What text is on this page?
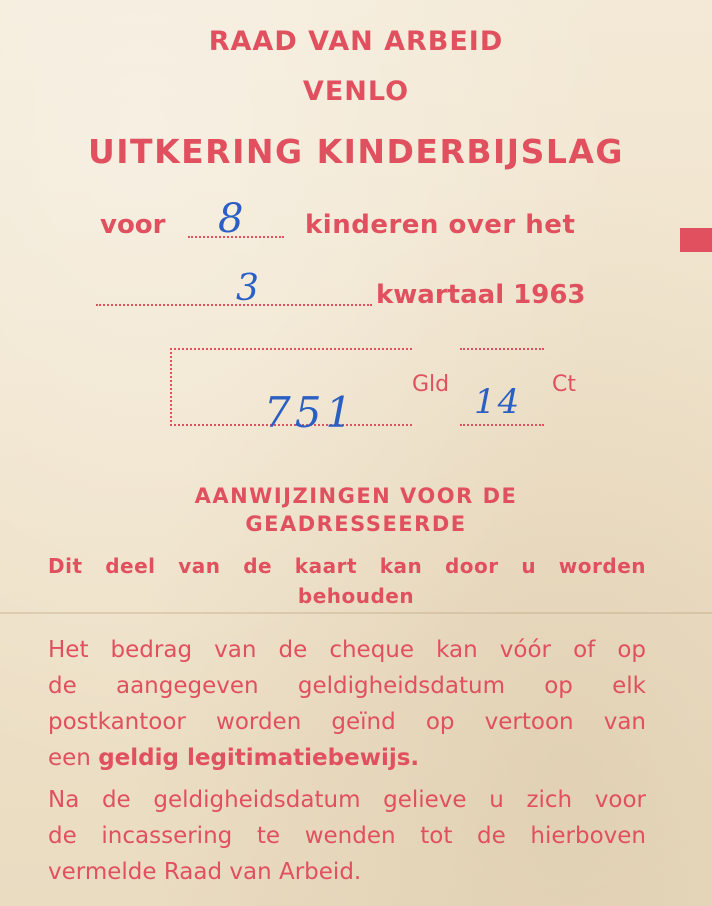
RAAD VAN ARBEID
VENLO
UITKERING KINDERBIJSLAG
voor 8 kinderen over het
3	kwartaal 1963
Gld	Ct
751	14
AANWIJZINGEN VOOR DE
GEADRESSEERDE
Dit deel van de kaart kan door u worden
behouden
Het bedrag van de cheque kan vóór of op
de aangegeven geldigheidsdatum op elk
postkantoor worden geïnd op vertoon van
een geldig legitimatiebewijs.
Na de geldigheidsdatum gelieve u zich voor
de incassering te wenden tot de hierboven
vermelde Raad van Arbeid.
